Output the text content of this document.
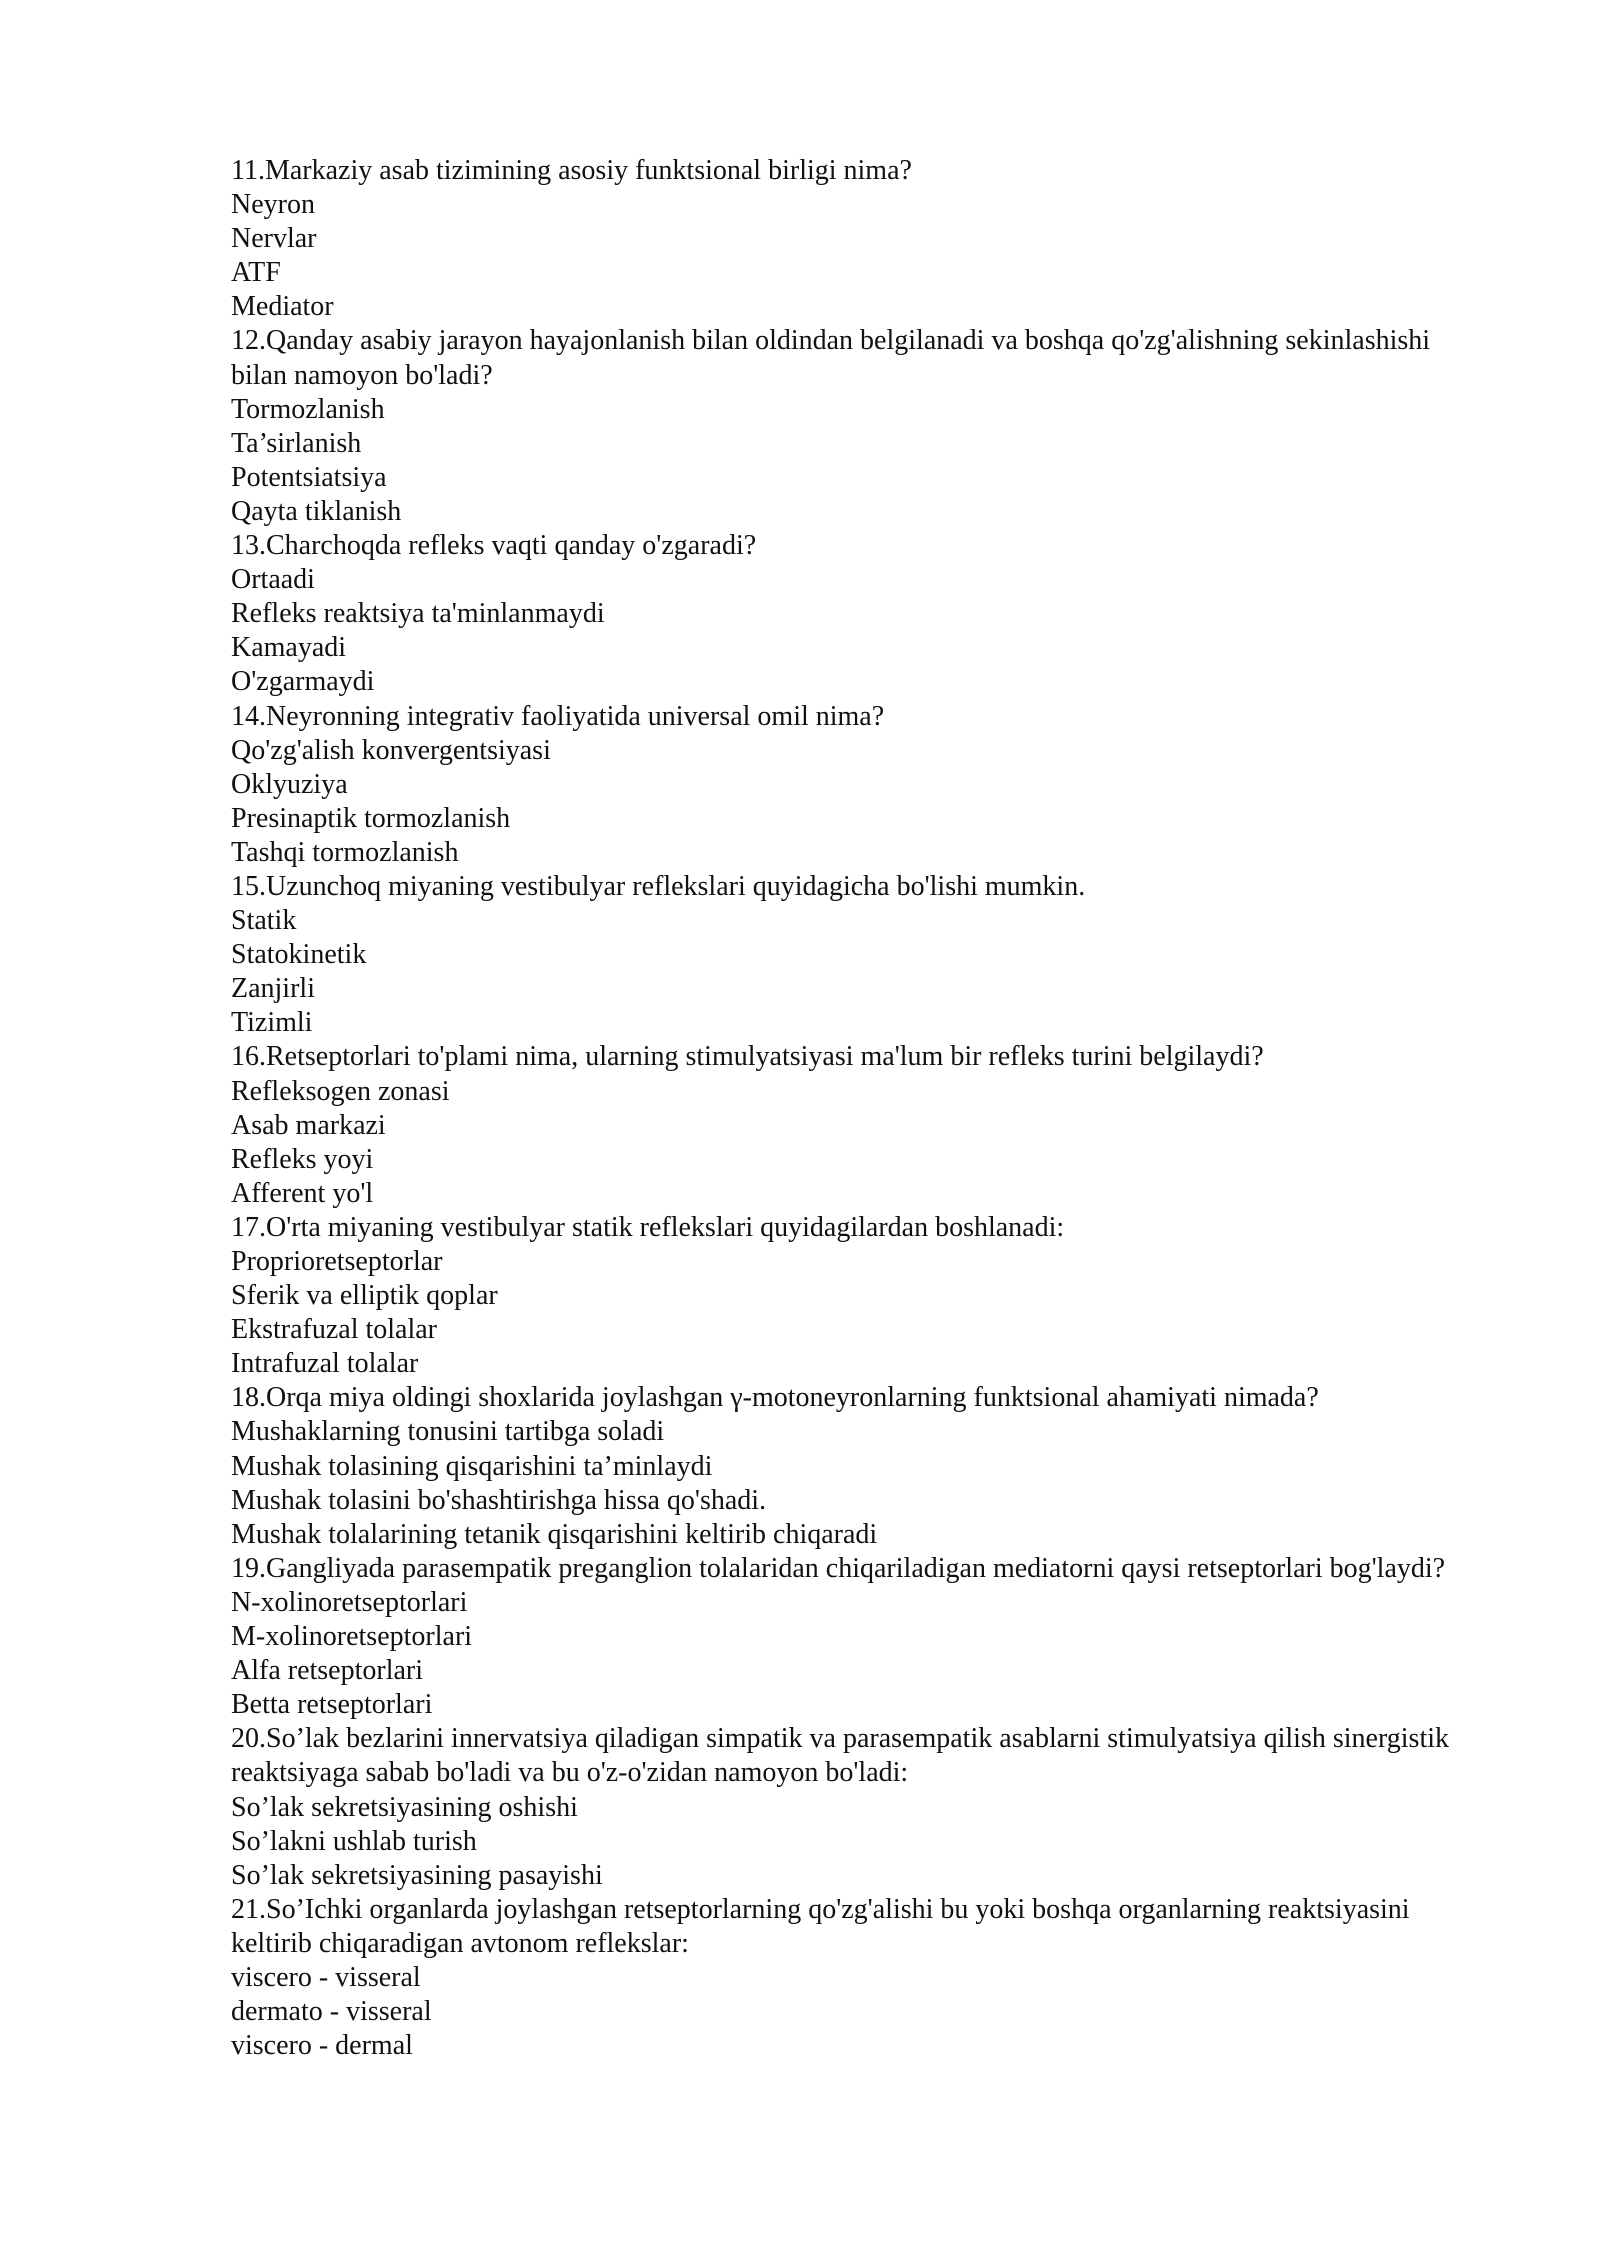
11.Markaziy asab tizimining asosiy funktsional birligi nima?

Neyron

Nervlar

ATF

Mediator

12.Qanday asabiy jarayon hayajonlanish bilan oldindan belgilanadi va boshqa qo'zg'alishning sekinlashishi bilan namoyon bo'ladi?

Tormozlanish

Ta’sirlanish

Potentsiatsiya

Qayta tiklanish

13.Charchoqda refleks vaqti qanday o'zgaradi?

Ortaadi

Refleks reaktsiya ta'minlanmaydi

Kamayadi

O'zgarmaydi

14.Neyronning integrativ faoliyatida universal omil nima?

Qo'zg'alish konvergentsiyasi

Oklyuziya

Presinaptik tormozlanish

Tashqi tormozlanish

15.Uzunchoq miyaning vestibulyar reflekslari quyidagicha bo'lishi mumkin.

Statik

Statokinetik

Zanjirli

Tizimli

16.Retseptorlari to'plami nima, ularning stimulyatsiyasi ma'lum bir refleks turini belgilaydi?

Refleksogen zonasi

Asab markazi

Refleks yoyi

Afferent yo'l

17.O'rta miyaning vestibulyar statik reflekslari quyidagilardan boshlanadi:

Proprioretseptorlar

Sferik va elliptik qoplar

Ekstrafuzal tolalar

Intrafuzal tolalar

18.Orqa miya oldingi shoxlarida joylashgan γ-motoneyronlarning funktsional ahamiyati nimada?

Mushaklarning tonusini tartibga soladi

Mushak tolasining qisqarishini ta’minlaydi

Mushak tolasini bo'shashtirishga hissa qo'shadi.

Mushak tolalarining tetanik qisqarishini keltirib chiqaradi

19.Gangliyada parasempatik preganglion tolalaridan chiqariladigan mediatorni qaysi retseptorlari bog'laydi?

N-xolinoretseptorlari

M-xolinoretseptorlari

Alfa retseptorlari

Betta retseptorlari

20.So’lak bezlarini innervatsiya qiladigan simpatik va parasempatik asablarni stimulyatsiya qilish sinergistik reaktsiyaga sabab bo'ladi va bu o'z-o'zidan namoyon bo'ladi:

So’lak sekretsiyasining oshishi

So’lakni ushlab turish

So’lak sekretsiyasining pasayishi

21.So’Ichki organlarda joylashgan retseptorlarning qo'zg'alishi bu yoki boshqa organlarning reaktsiyasini keltirib chiqaradigan avtonom reflekslar:

viscero - visseral

dermato - visseral

viscero - dermal
